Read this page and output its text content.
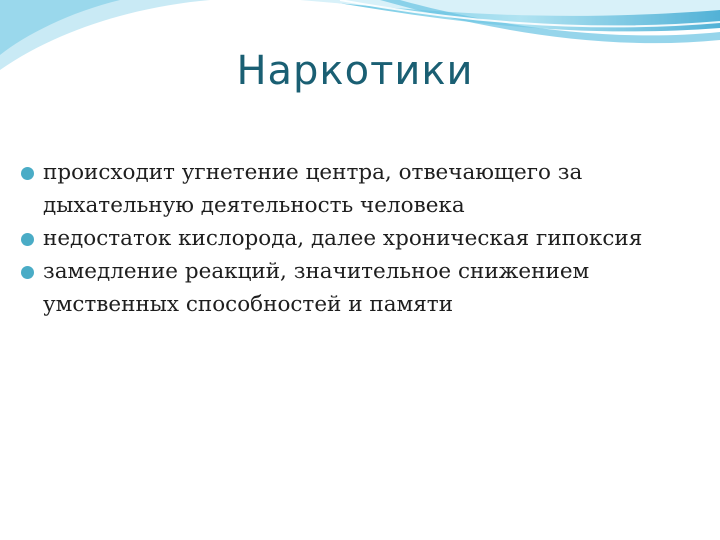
Наркотики
происходит угнетение центра, отвечающего за дыхательную деятельность человека
недостаток кислорода, далее хроническая гипоксия
замедление реакций, значительное снижением умственных способностей и памяти
